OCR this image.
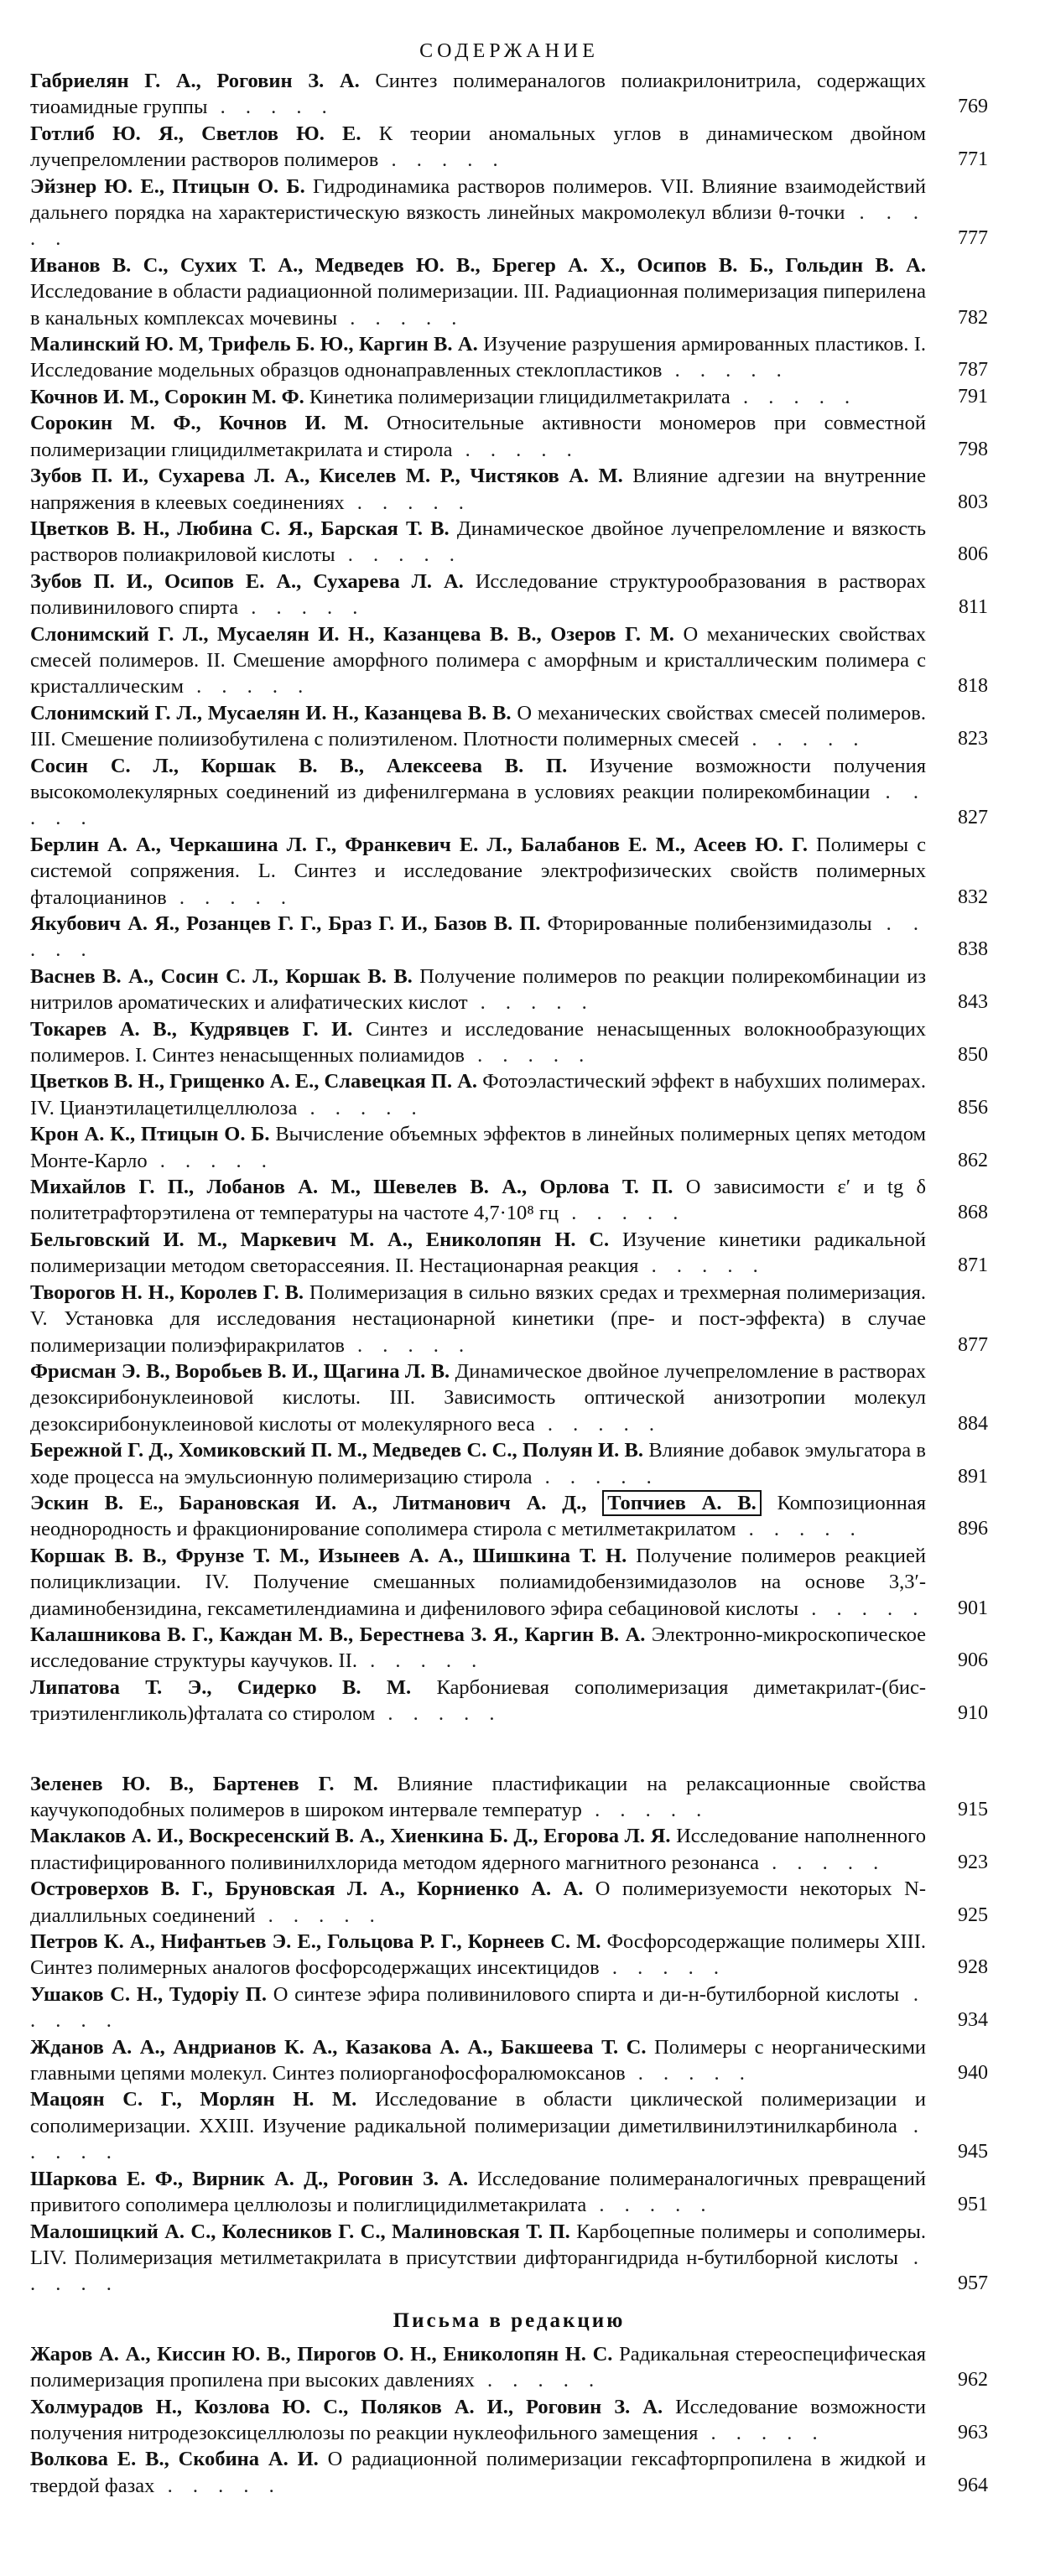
СОДЕРЖАНИЕ
Габриелян Г. А., Роговин З. А. Синтез полимераналогов полиакрилонитрила, содержащих тиоамидные группы . . . . .	769
Готлиб Ю. Я., Светлов Ю. Е. К теории аномальных углов в динамическом двойном лучепреломлении растворов полимеров . . . . .	771
Эйзнер Ю. Е., Птицын О. Б. Гидродинамика растворов полимеров. VII. Влияние взаимодействий дальнего порядка на характеристическую вязкость линейных макромолекул вблизи θ-точки . . . . .	777
Иванов В. С., Сухих Т. А., Медведев Ю. В., Брегер А. Х., Осипов В. Б., Гольдин В. А. Исследование в области радиационной полимеризации. III. Радиационная полимеризация пиперилена в канальных комплексах мочевины . . . . .	782
Малинский Ю. М, Трифель Б. Ю., Каргин В. А. Изучение разрушения армированных пластиков. I. Исследование модельных образцов однонаправленных стеклопластиков . . . . .	787
Кочнов И. М., Сорокин М. Ф. Кинетика полимеризации глицидилметакрилата . . . . .	791
Сорокин М. Ф., Кочнов И. М. Относительные активности мономеров при совместной полимеризации глицидилметакрилата и стирола . . . . .	798
Зубов П. И., Сухарева Л. А., Киселев М. Р., Чистяков А. М. Влияние адгезии на внутренние напряжения в клеевых соединениях . . . . .	803
Цветков В. Н., Любина С. Я., Барская Т. В. Динамическое двойное лучепреломление и вязкость растворов полиакриловой кислоты . . . . .	806
Зубов П. И., Осипов Е. А., Сухарева Л. А. Исследование структурообразования в растворах поливинилового спирта . . . . .	811
Слонимский Г. Л., Мусаелян И. Н., Казанцева В. В., Озеров Г. М. О механических свойствах смесей полимеров. II. Смешение аморфного полимера с аморфным и кристаллическим полимера с кристаллическим . . . . .	818
Слонимский Г. Л., Мусаелян И. Н., Казанцева В. В. О механических свойствах смесей полимеров. III. Смешение полиизобутилена с полиэтиленом. Плотности полимерных смесей . . . . .	823
Сосин С. Л., Коршак В. В., Алексеева В. П. Изучение возможности получения высокомолекулярных соединений из дифенилгермана в условиях реакции полирекомбинации . . . . .	827
Берлин А. А., Черкашина Л. Г., Франкевич Е. Л., Балабанов Е. М., Асеев Ю. Г. Полимеры с системой сопряжения. L. Синтез и исследование электрофизических свойств полимерных фталоцианинов . . . . .	832
Якубович А. Я., Розанцев Г. Г., Браз Г. И., Базов В. П. Фторированные полибензимидазолы . . . . .	838
Васнев В. А., Сосин С. Л., Коршак В. В. Получение полимеров по реакции полирекомбинации из нитрилов ароматических и алифатических кислот . . . . .	843
Токарев А. В., Кудрявцев Г. И. Синтез и исследование ненасыщенных волокнообразующих полимеров. I. Синтез ненасыщенных полиамидов . . . . .	850
Цветков В. Н., Грищенко А. Е., Славецкая П. А. Фотоэластический эффект в набухших полимерах. IV. Цианэтилацетилцеллюлоза . . . . .	856
Крон А. К., Птицын О. Б. Вычисление объемных эффектов в линейных полимерных цепях методом Монте-Карло . . . . .	862
Михайлов Г. П., Лобанов А. М., Шевелев В. А., Орлова Т. П. О зависимости ε′ и tg δ политетрафторэтилена от температуры на частоте 4,7·10⁸ гц . . . . .	868
Бельговский И. М., Маркевич М. А., Ениколопян Н. С. Изучение кинетики радикальной полимеризации методом светорассеяния. II. Нестационарная реакция . . . . .	871
Творогов Н. Н., Королев Г. В. Полимеризация в сильно вязких средах и трехмерная полимеризация. V. Установка для исследования нестационарной кинетики (пре- и пост-эффекта) в случае полимеризации полиэфиракрилатов . . . . .	877
Фрисман Э. В., Воробьев В. И., Щагина Л. В. Динамическое двойное лучепреломление в растворах дезоксирибонуклеиновой кислоты. III. Зависимость оптической анизотропии молекул дезоксирибонуклеиновой кислоты от молекулярного веса . . . . .	884
Бережной Г. Д., Хомиковский П. М., Медведев С. С., Полуян И. В. Влияние добавок эмульгатора в ходе процесса на эмульсионную полимеризацию стирола . . . . .	891
Эскин В. Е., Барановская И. А., Литманович А. Д., Топчиев А. В. Композиционная неоднородность и фракционирование сополимера стирола с метилметакрилатом . . . . .	896
Коршак В. В., Фрунзе Т. М., Изынеев А. А., Шишкина Т. Н. Получение полимеров реакцией полициклизации. IV. Получение смешанных полиамидобензимидазолов на основе 3,3′-диаминобензидина, гексаметилендиамина и дифенилового эфира себациновой кислоты . . . . . 901
Калашникова В. Г., Кaждан М. В., Берестнева З. Я., Каргин В. А. Электронно-микроскопическое исследование структуры каучуков. II. . . . . .	906
Липатова Т. Э., Сидерко В. М. Карбониевая сополимеризация диметакрилат-(бис-триэтиленгликоль)фталата со стиролом . . . . .	910
Зеленев Ю. В., Бартенев Г. М. Влияние пластификации на релаксационные свойства каучукоподобных полимеров в широком интервале температур . . . . .	915
Маклаков А. И., Воскресенский В. А., Хиенкина Б. Д., Егорова Л. Я. Исследование наполненного пластифицированного поливинилхлорида методом ядерного магнитного резонанса . . . . .	923
Островерхов В. Г., Бруновская Л. А., Корниенко А. А. О полимеризуемости некоторых N-диаллильных соединений . . . . .	925
Петров К. А., Нифантьев Э. Е., Гольцова Р. Г., Корнеев С. М. Фосфорсодержащие полимеры XIII. Синтез полимерных аналогов фосфорсодержащих инсектицидов . . . . .	928
Ушаков С. Н., Тудорiу П. О синтезе эфира поливинилового спирта и ди-н-бутилборной кислоты . . . . .	934
Жданов А. А., Андрианов К. А., Казакова А. А., Бакшеева Т. С. Полимеры с неорганическими главными цепями молекул. Синтез полиорганофосфоралюмоксанов . . . . .	940
Мацоян С. Г., Морлян Н. М. Исследование в области циклической полимеризации и сополимеризации. XXIII. Изучение радикальной полимеризации диметилвинилэтинилкарбинола . . . . .	945
Шаркова Е. Ф., Вирник А. Д., Роговин З. А. Исследование полимераналогичных превращений привитого сополимера целлюлозы и полиглицидилметакрилата . . . . .	951
Малошицкий А. С., Колесников Г. С., Малиновская Т. П. Карбоцепные полимеры и сополимеры. LIV. Полимеризация метилметакрилата в присутствии дифторангидрида н-бутилборной кислоты . . . . .	957
Письма в редакцию
Жаров А. А., Киссин Ю. В., Пирогов О. Н., Ениколопян Н. С. Радикальная стереоспецифическая полимеризация пропилена при высоких давлениях . . . . .	962
Холмурадов Н., Козлова Ю. С., Поляков А. И., Роговин З. А. Исследование возможности получения нитродезоксицеллюлозы по реакции нуклеофильного замещения . . . . .	963
Волкова Е. В., Скобина А. И. О радиационной полимеризации гексафторпропилена в жидкой и твердой фазах . . . . .	964
